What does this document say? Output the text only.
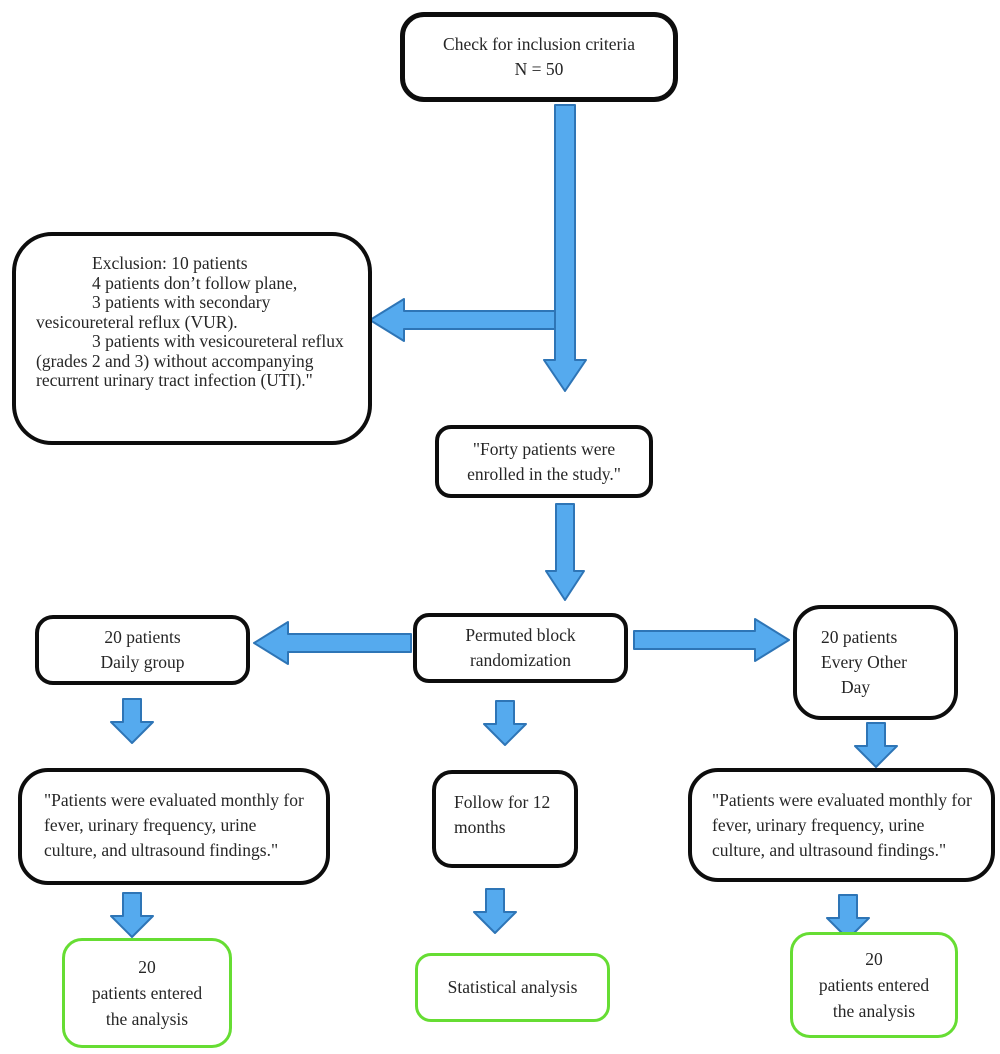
Check for inclusion criteria
N = 50

Exclusion: 10 patients

4 patients don’t follow plane,

3 patients with secondary vesicoureteral reflux (VUR).

3 patients with vesicoureteral reflux (grades 2 and 3) without accompanying recurrent urinary tract infection (UTI)."

"Forty patients were enrolled in the study."
20 patients
Daily group
Permuted block
randomization
20 patients
Every Other
Day
"Patients were evaluated monthly for fever, urinary frequency, urine culture, and ultrasound findings."
Follow for 12 months
"Patients were evaluated monthly for fever, urinary frequency, urine culture, and ultrasound findings."
20
patients entered
the analysis
Statistical analysis
20
patients entered
the analysis
